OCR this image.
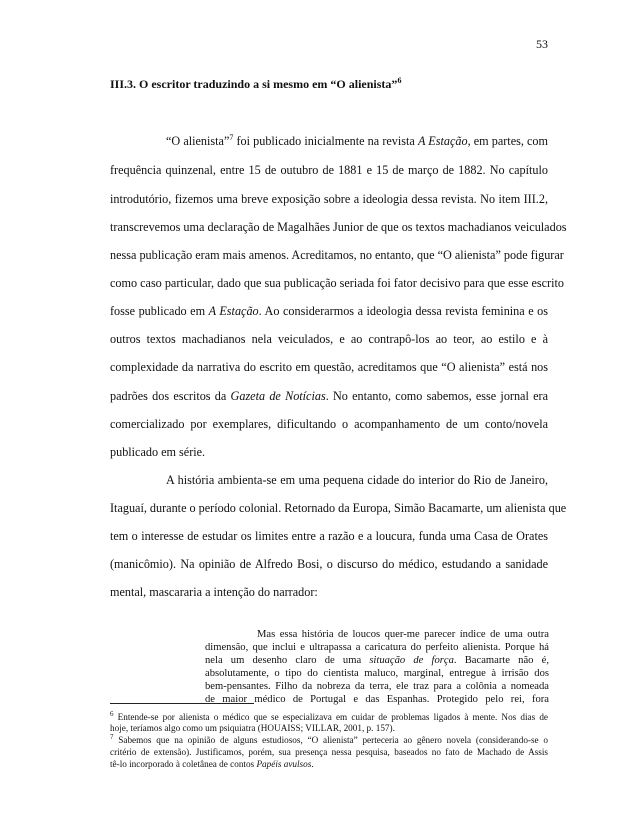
53
III.3. O escritor traduzindo a si mesmo em “O alienista”$^6$
“O alienista”$^7$ foi publicado inicialmente na revista A Estação, em partes, com
frequência quinzenal, entre 15 de outubro de 1881 e 15 de março de 1882. No capítulo
introdutório, fizemos uma breve exposição sobre a ideologia dessa revista. No item III.2,
transcrevemos uma declaração de Magalhães Junior de que os textos machadianos veiculados
nessa publicação eram mais amenos. Acreditamos, no entanto, que “O alienista” pode figurar
como caso particular, dado que sua publicação seriada foi fator decisivo para que esse escrito
fosse publicado em A Estação. Ao considerarmos a ideologia dessa revista feminina e os
outros textos machadianos nela veiculados, e ao contrapô-los ao teor, ao estilo e à
complexidade da narrativa do escrito em questão, acreditamos que “O alienista” está nos
padrões dos escritos da Gazeta de Notícias. No entanto, como sabemos, esse jornal era
comercializado por exemplares, dificultando o acompanhamento de um conto/novela
publicado em série.
A história ambienta-se em uma pequena cidade do interior do Rio de Janeiro,
Itaguaí, durante o período colonial. Retornado da Europa, Simão Bacamarte, um alienista que
tem o interesse de estudar os limites entre a razão e a loucura, funda uma Casa de Orates
(manicômio). Na opinião de Alfredo Bosi, o discurso do médico, estudando a sanidade
mental, mascararia a intenção do narrador:
Mas essa história de loucos quer-me parecer índice de uma outra
dimensão, que inclui e ultrapassa a caricatura do perfeito alienista. Porque há
nela um desenho claro de uma situação de força. Bacamarte não é,
absolutamente, o tipo do cientista maluco, marginal, entregue à irrisão dos
bem-pensantes. Filho da nobreza da terra, ele traz para a colônia a nomeada
de maior médico de Portugal e das Espanhas. Protegido pelo rei, fora
$^6$ Entende-se por alienista o médico que se especializava em cuidar de problemas ligados à mente. Nos dias de
hoje, teríamos algo como um psiquiatra (HOUAISS; VILLAR, 2001, p. 157).
$^7$ Sabemos que na opinião de alguns estudiosos, “O alienista” perteceria ao gênero novela (considerando-se o
critério de extensão). Justificamos, porém, sua presença nessa pesquisa, baseados no fato de Machado de Assis
tê-lo incorporado à coletânea de contos Papéis avulsos.
